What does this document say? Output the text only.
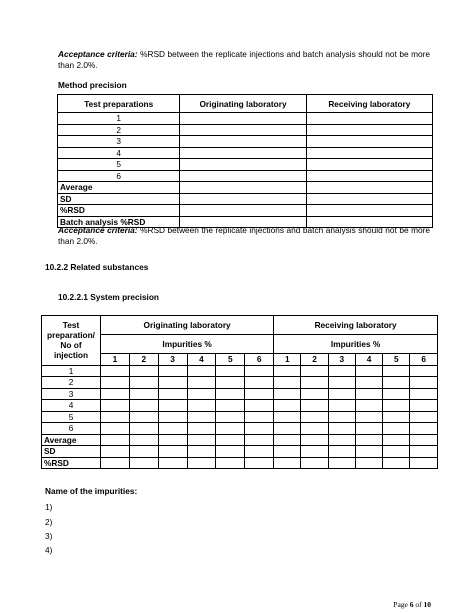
Acceptance criteria: %RSD between the replicate injections and batch analysis should not be more than 2.0%.
Method precision
Test preparations	Originating laboratory	Receiving laboratory
1		
2		
3		
4		
5		
6		
Average		
SD		
%RSD		
Batch analysis %RSD		
Acceptance criteria: %RSD between the replicate injections and batch analysis should not be more than 2.0%.
10.2.2 Related substances
10.2.2.1 System precision
Test preparation/ No of injection	Originating laboratory						Receiving laboratory					
	Impurities %						Impurities %					
	1	2	3	4	5	6	1	2	3	4	5	6
1												
2												
3												
4												
5												
6												
Average												
SD												
%RSD												
Name of the impurities:
1)
2)
3)
4)
Page 6 of 10
